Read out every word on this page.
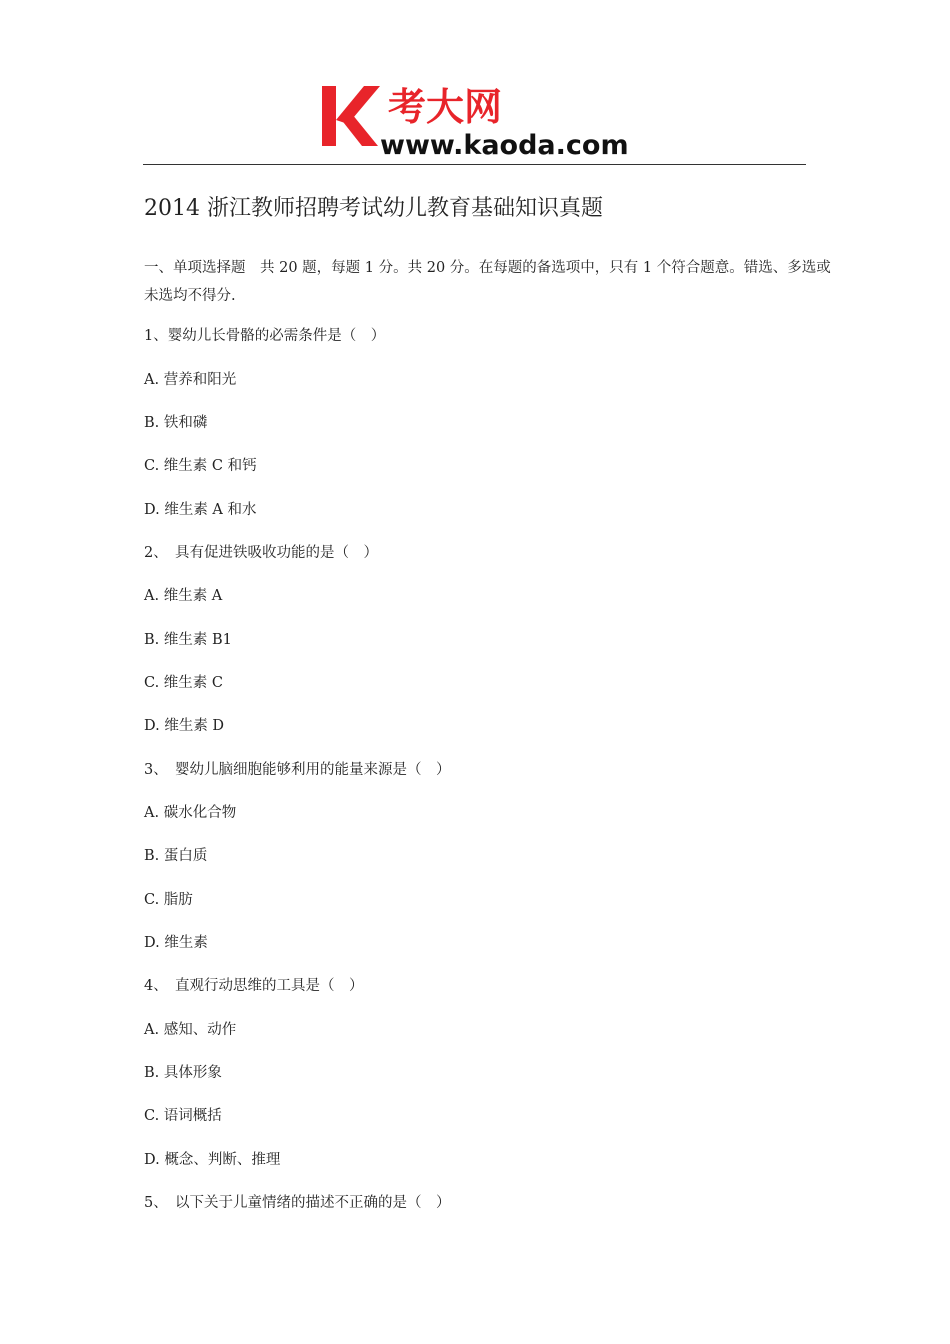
考大网
www.kaoda.com
2014 浙江教师招聘考试幼儿教育基础知识真题
一、单项选择题　共 20 题，每题 1 分。共 20 分。在每题的备选项中，只有 1 个符合题意。错选、多选或未选均不得分.
1、婴幼儿长骨骼的必需条件是（　）
A. 营养和阳光
B. 铁和磷
C. 维生素 C 和钙
D. 维生素 A 和水
2、　具有促进铁吸收功能的是（　）
A. 维生素 A
B. 维生素 B1
C. 维生素 C
D. 维生素 D
3、　婴幼儿脑细胞能够利用的能量来源是（　）
A. 碳水化合物
B. 蛋白质
C. 脂肪
D. 维生素
4、　直观行动思维的工具是（　）
A. 感知、动作
B. 具体形象
C. 语词概括
D. 概念、判断、推理
5、　以下关于儿童情绪的描述不正确的是（　）
